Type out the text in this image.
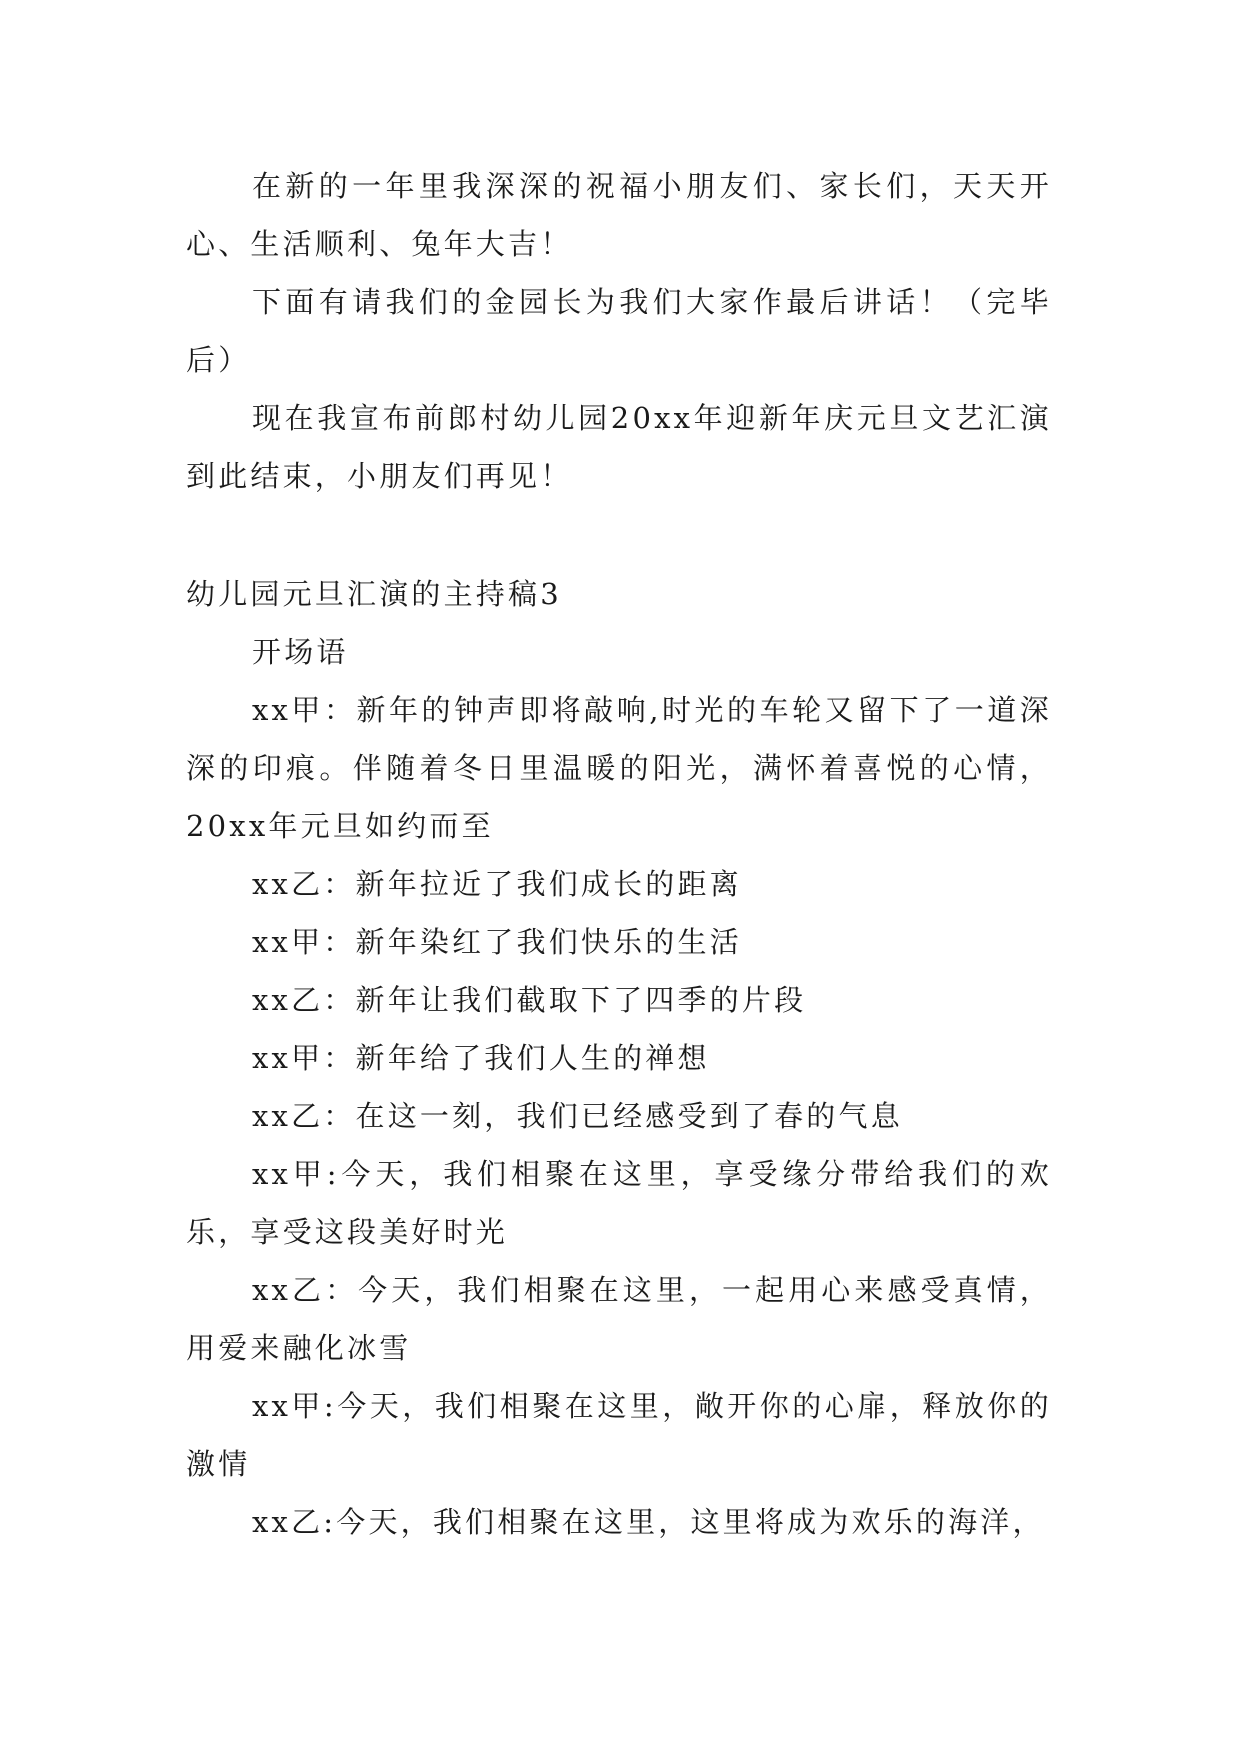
在新的一年里我深深的祝福小朋友们、家长们，天天开心、生活顺利、兔年大吉！

下面有请我们的金园长为我们大家作最后讲话！（完毕后）

现在我宣布前郎村幼儿园20xx年迎新年庆元旦文艺汇演到此结束，小朋友们再见！

幼儿园元旦汇演的主持稿3

开场语

xx甲：新年的钟声即将敲响,时光的车轮又留下了一道深深的印痕。伴随着冬日里温暖的阳光，满怀着喜悦的心情，20xx年元旦如约而至

xx乙：新年拉近了我们成长的距离

xx甲：新年染红了我们快乐的生活

xx乙：新年让我们截取下了四季的片段

xx甲：新年给了我们人生的禅想

xx乙：在这一刻，我们已经感受到了春的气息

xx甲:今天，我们相聚在这里，享受缘分带给我们的欢乐，享受这段美好时光

xx乙：今天，我们相聚在这里，一起用心来感受真情，用爱来融化冰雪

xx甲:今天，我们相聚在这里，敞开你的心扉，释放你的激情

xx乙:今天，我们相聚在这里，这里将成为欢乐的海洋，
